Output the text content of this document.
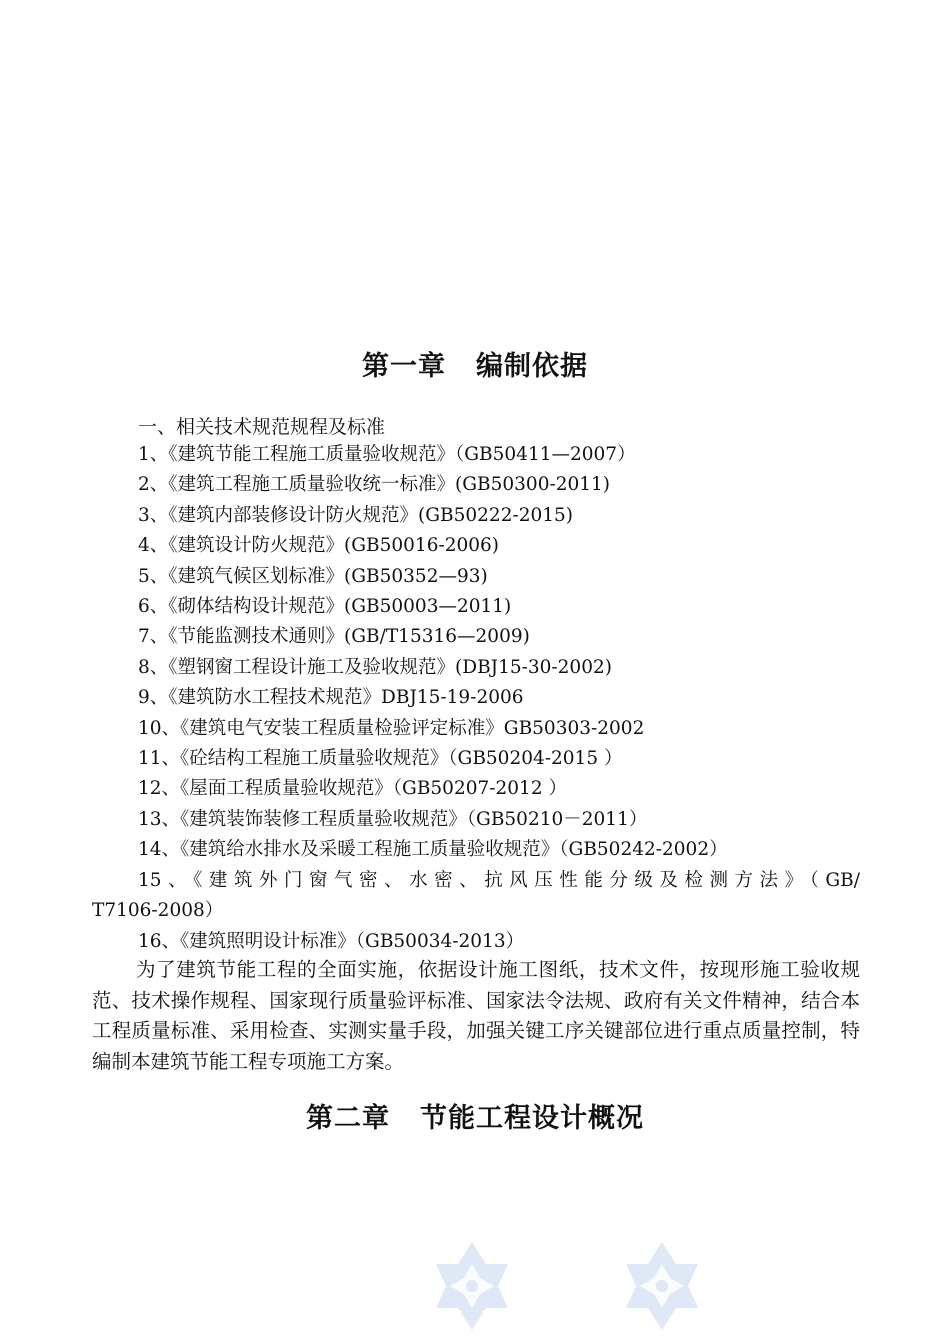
第一章 编制依据

一、相关技术规范规程及标准

1、《建筑节能工程施工质量验收规范》（GB50411—2007）
2、《建筑工程施工质量验收统一标准》(GB50300-2011)
3、《建筑内部装修设计防火规范》(GB50222-2015)
4、《建筑设计防火规范》(GB50016-2006)
5、《建筑气候区划标准》(GB50352—93)
6、《砌体结构设计规范》(GB50003—2011)
7、《节能监测技术通则》(GB/T15316—2009)
8、《塑钢窗工程设计施工及验收规范》(DBJ15-30-2002)
9、《建筑防水工程技术规范》DBJ15-19-2006
10、《建筑电气安装工程质量检验评定标准》GB50303-2002
11、《砼结构工程施工质量验收规范》（GB50204-2015 ）
12、《屋面工程质量验收规范》（GB50207-2012 ）
13、《建筑装饰装修工程质量验收规范》（GB50210－2011）
14、《建筑给水排水及采暖工程施工质量验收规范》（GB50242-2002）
15、《建筑外门窗气密、水密、抗风压性能分级及检测方法》（GB/
T7106-2008）
16、《建筑照明设计标准》（GB50034-2013）

为了建筑节能工程的全面实施，依据设计施工图纸，技术文件，按现形施工验收规范、技术操作规程、国家现行质量验评标准、国家法令法规、政府有关文件精神，结合本工程质量标准、采用检查、实测实量手段，加强关键工序关键部位进行重点质量控制，特编制本建筑节能工程专项施工方案。

第二章 节能工程设计概况
